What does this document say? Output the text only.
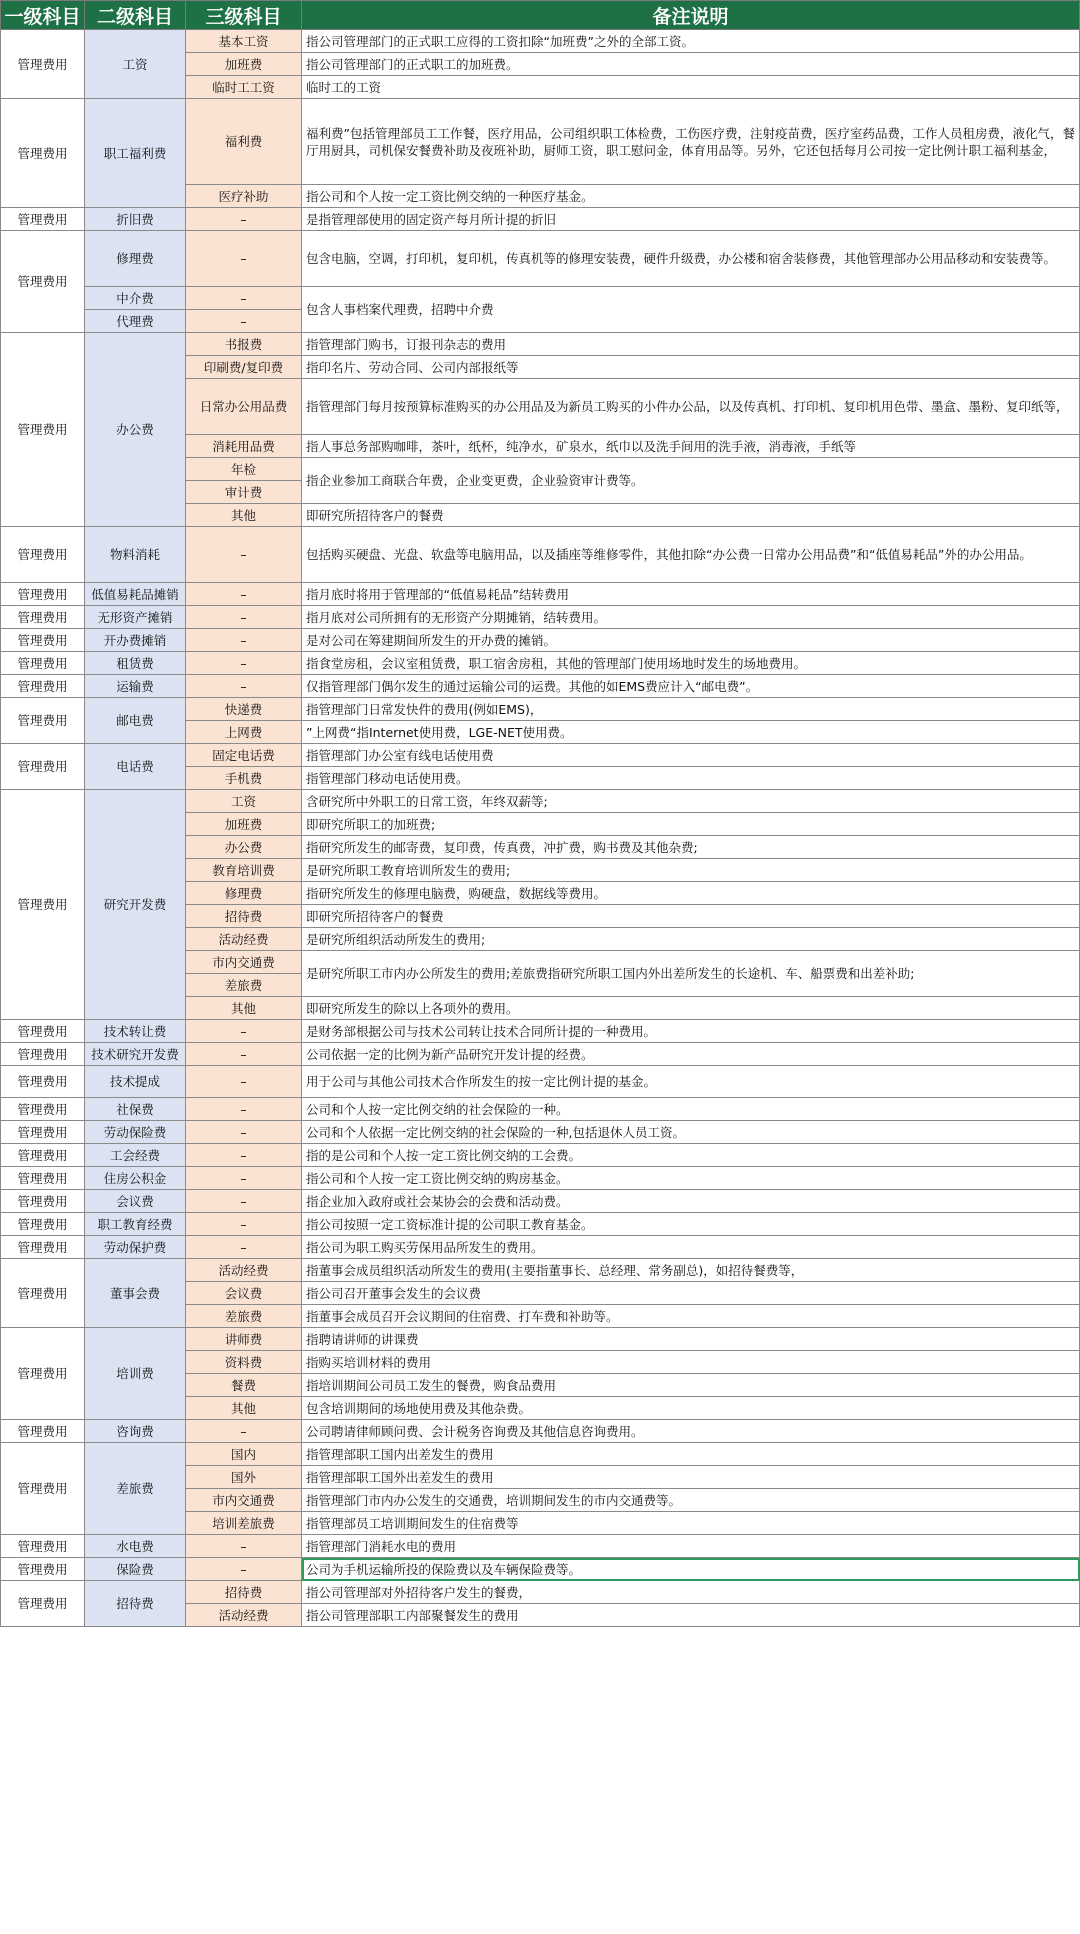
一级科目	二级科目	三级科目	备注说明
管理费用	工资	基本工资	指公司管理部门的正式职工应得的工资扣除“加班费”之外的全部工资。
		加班费	指公司管理部门的正式职工的加班费。
		临时工工资	临时工的工资
管理费用	职工福利费	福利费	福利费”包括管理部员工工作餐，医疗用品，公司组织职工体检费，工伤医疗费，注射疫苗费，医疗室药品费，工作人员租房费，液化气，餐厅用厨具，司机保安餐费补助及夜班补助，厨师工资，职工慰问金，体育用品等。另外，它还包括每月公司按一定比例计职工福利基金，
		医疗补助	指公司和个人按一定工资比例交纳的一种医疗基金。
管理费用	折旧费	–	是指管理部使用的固定资产每月所计提的折旧
管理费用	修理费	–	包含电脑，空调，打印机，复印机，传真机等的修理安装费，硬件升级费，办公楼和宿舍装修费，其他管理部办公用品移动和安装费等。
	中介费	–	包含人事档案代理费，招聘中介费
	代理费	–	
管理费用	办公费	书报费	指管理部门购书，订报刊杂志的费用
		印刷费/复印费	指印名片、劳动合同、公司内部报纸等
		日常办公用品费	指管理部门每月按预算标准购买的办公用品及为新员工购买的小件办公品，以及传真机、打印机、复印机用色带、墨盒、墨粉、复印纸等，
		消耗用品费	指人事总务部购咖啡，茶叶，纸杯，纯净水，矿泉水，纸巾以及洗手间用的洗手液，消毒液，手纸等
		年检	指企业参加工商联合年费，企业变更费，企业验资审计费等。
		审计费	
		其他	即研究所招待客户的餐费
管理费用	物料消耗	–	包括购买硬盘、光盘、软盘等电脑用品，以及插座等维修零件，其他扣除“办公费一日常办公用品费”和“低值易耗品”外的办公用品。
管理费用	低值易耗品摊销	–	指月底时将用于管理部的“低值易耗品”结转费用
管理费用	无形资产摊销	–	指月底对公司所拥有的无形资产分期摊销，结转费用。
管理费用	开办费摊销	–	是对公司在筹建期间所发生的开办费的摊销。
管理费用	租赁费	–	指食堂房租，会议室租赁费，职工宿舍房租，其他的管理部门使用场地时发生的场地费用。
管理费用	运输费	–	仅指管理部门偶尔发生的通过运输公司的运费。其他的如EMS费应计入“邮电费”。
管理费用	邮电费	快递费	指管理部门日常发快件的费用(例如EMS)，
		上网费	”上网费“指Internet使用费，LGE-NET使用费。
管理费用	电话费	固定电话费	指管理部门办公室有线电话使用费
		手机费	指管理部门移动电话使用费。
管理费用	研究开发费	工资	含研究所中外职工的日常工资，年终双薪等;
		加班费	即研究所职工的加班费;
		办公费	指研究所发生的邮寄费，复印费，传真费，冲扩费，购书费及其他杂费;
		教育培训费	是研究所职工教育培训所发生的费用;
		修理费	指研究所发生的修理电脑费，购硬盘，数据线等费用。
		招待费	即研究所招待客户的餐费
		活动经费	是研究所组织活动所发生的费用;
		市内交通费	是研究所职工市内办公所发生的费用;差旅费指研究所职工国内外出差所发生的长途机、车、船票费和出差补助;
		差旅费	
		其他	即研究所发生的除以上各项外的费用。
管理费用	技术转让费	–	是财务部根据公司与技术公司转让技术合同所计提的一种费用。
管理费用	技术研究开发费	–	公司依据一定的比例为新产品研究开发计提的经费。
管理费用	技术提成	–	用于公司与其他公司技术合作所发生的按一定比例计提的基金。
管理费用	社保费	–	公司和个人按一定比例交纳的社会保险的一种。
管理费用	劳动保险费	–	公司和个人依据一定比例交纳的社会保险的一种,包括退休人员工资。
管理费用	工会经费	–	指的是公司和个人按一定工资比例交纳的工会费。
管理费用	住房公积金	–	指公司和个人按一定工资比例交纳的购房基金。
管理费用	会议费	–	指企业加入政府或社会某协会的会费和活动费。
管理费用	职工教育经费	–	指公司按照一定工资标准计提的公司职工教育基金。
管理费用	劳动保护费	–	指公司为职工购买劳保用品所发生的费用。
管理费用	董事会费	活动经费	指董事会成员组织活动所发生的费用(主要指董事长、总经理、常务副总)，如招待餐费等，
		会议费	指公司召开董事会发生的会议费
		差旅费	指董事会成员召开会议期间的住宿费、打车费和补助等。
管理费用	培训费	讲师费	指聘请讲师的讲课费
		资料费	指购买培训材料的费用
		餐费	指培训期间公司员工发生的餐费，购食品费用
		其他	包含培训期间的场地使用费及其他杂费。
管理费用	咨询费	–	公司聘请律师顾问费、会计税务咨询费及其他信息咨询费用。
管理费用	差旅费	国内	指管理部职工国内出差发生的费用
		国外	指管理部职工国外出差发生的费用
		市内交通费	指管理部门市内办公发生的交通费，培训期间发生的市内交通费等。
		培训差旅费	指管理部员工培训期间发生的住宿费等
管理费用	水电费	–	指管理部门消耗水电的费用
管理费用	保险费	–	公司为手机运输所投的保险费以及车辆保险费等。
管理费用	招待费	招待费	指公司管理部对外招待客户发生的餐费，
		活动经费	指公司管理部职工内部聚餐发生的费用
